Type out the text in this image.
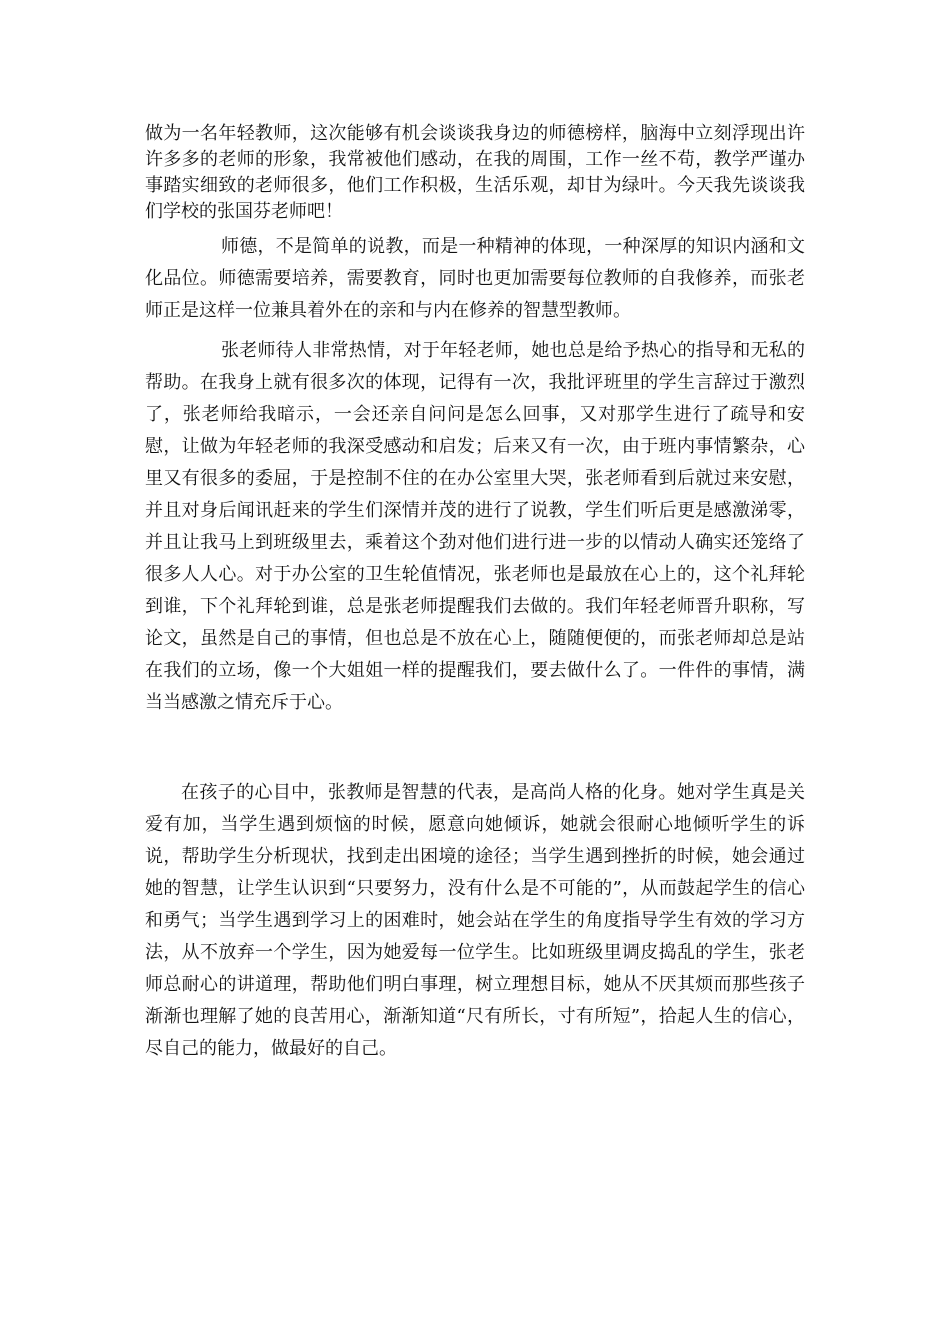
做为一名年轻教师，这次能够有机会谈谈我身边的师德榜样，脑海中立刻浮现出许许多多的老师的形象，我常被他们感动，在我的周围，工作一丝不苟，教学严谨办事踏实细致的老师很多，他们工作积极，生活乐观，却甘为绿叶。今天我先谈谈我们学校的张国芬老师吧！

师德，不是简单的说教，而是一种精神的体现，一种深厚的知识内涵和文化品位。师德需要培养，需要教育，同时也更加需要每位教师的自我修养，而张老师正是这样一位兼具着外在的亲和与内在修养的智慧型教师。

张老师待人非常热情，对于年轻老师，她也总是给予热心的指导和无私的帮助。在我身上就有很多次的体现，记得有一次，我批评班里的学生言辞过于激烈了，张老师给我暗示，一会还亲自问问是怎么回事，又对那学生进行了疏导和安慰，让做为年轻老师的我深受感动和启发；后来又有一次，由于班内事情繁杂，心里又有很多的委屈，于是控制不住的在办公室里大哭，张老师看到后就过来安慰，并且对身后闻讯赶来的学生们深情并茂的进行了说教，学生们听后更是感激涕零，并且让我马上到班级里去，乘着这个劲对他们进行进一步的以情动人确实还笼络了很多人人心。对于办公室的卫生轮值情况，张老师也是最放在心上的，这个礼拜轮到谁，下个礼拜轮到谁，总是张老师提醒我们去做的。我们年轻老师晋升职称，写论文，虽然是自己的事情，但也总是不放在心上，随随便便的，而张老师却总是站在我们的立场，像一个大姐姐一样的提醒我们，要去做什么了。一件件的事情，满当当感激之情充斥于心。

在孩子的心目中，张教师是智慧的代表，是高尚人格的化身。她对学生真是关爱有加，当学生遇到烦恼的时候，愿意向她倾诉，她就会很耐心地倾听学生的诉说，帮助学生分析现状，找到走出困境的途径；当学生遇到挫折的时候，她会通过她的智慧，让学生认识到“只要努力，没有什么是不可能的”，从而鼓起学生的信心和勇气；当学生遇到学习上的困难时，她会站在学生的角度指导学生有效的学习方法，从不放弃一个学生，因为她爱每一位学生。比如班级里调皮捣乱的学生，张老师总耐心的讲道理，帮助他们明白事理，树立理想目标，她从不厌其烦而那些孩子渐渐也理解了她的良苦用心，渐渐知道“尺有所长，寸有所短”，拾起人生的信心，尽自己的能力，做最好的自己。
